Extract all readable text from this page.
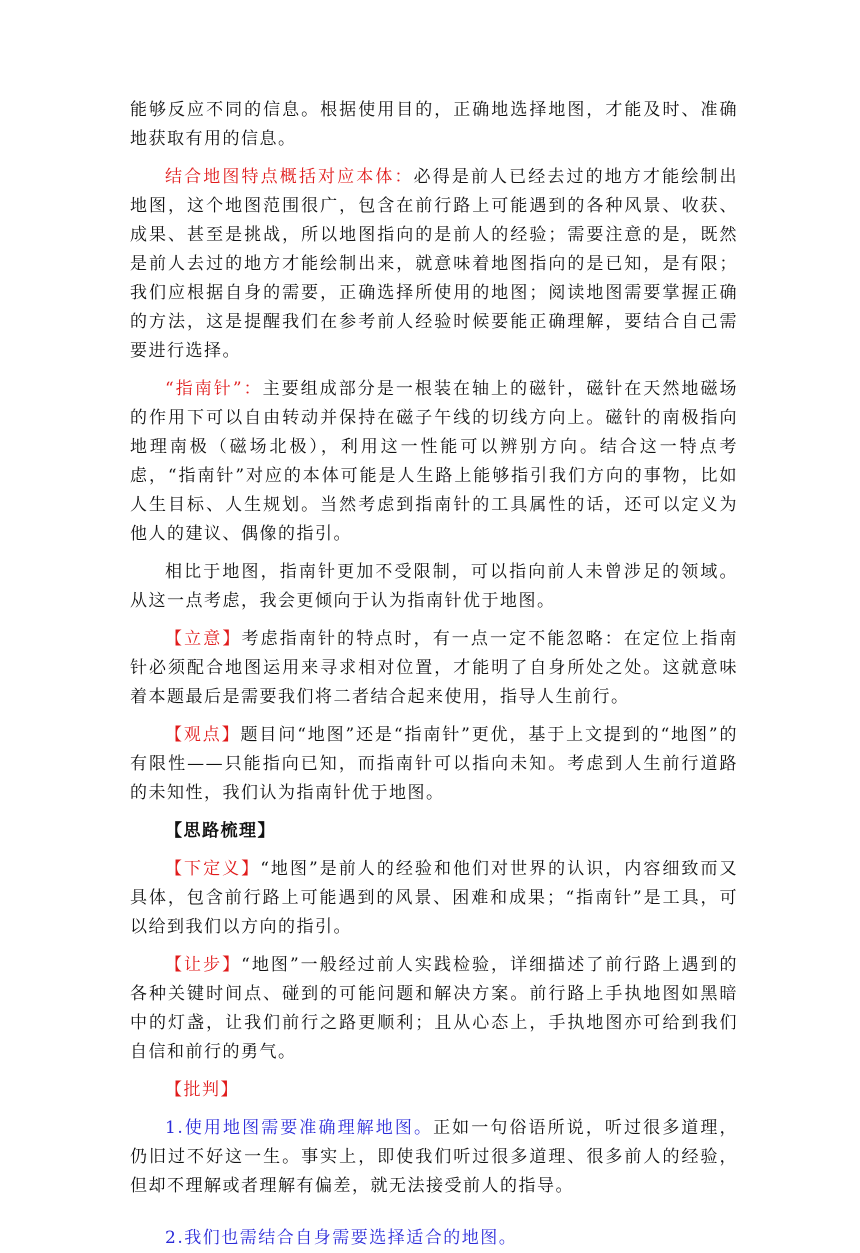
能够反应不同的信息。根据使用目的，正确地选择地图，才能及时、准确地获取有用的信息。

结合地图特点概括对应本体：必得是前人已经去过的地方才能绘制出地图，这个地图范围很广，包含在前行路上可能遇到的各种风景、收获、成果、甚至是挑战，所以地图指向的是前人的经验；需要注意的是，既然是前人去过的地方才能绘制出来，就意味着地图指向的是已知，是有限；我们应根据自身的需要，正确选择所使用的地图；阅读地图需要掌握正确的方法，这是提醒我们在参考前人经验时候要能正确理解，要结合自己需要进行选择。

“指南针”：主要组成部分是一根装在轴上的磁针，磁针在天然地磁场的作用下可以自由转动并保持在磁子午线的切线方向上。磁针的南极指向地理南极（磁场北极），利用这一性能可以辨别方向。结合这一特点考虑，“指南针”对应的本体可能是人生路上能够指引我们方向的事物，比如人生目标、人生规划。当然考虑到指南针的工具属性的话，还可以定义为他人的建议、偶像的指引。

相比于地图，指南针更加不受限制，可以指向前人未曾涉足的领域。从这一点考虑，我会更倾向于认为指南针优于地图。

【立意】考虑指南针的特点时，有一点一定不能忽略：在定位上指南针必须配合地图运用来寻求相对位置，才能明了自身所处之处。这就意味着本题最后是需要我们将二者结合起来使用，指导人生前行。

【观点】题目问“地图”还是“指南针”更优，基于上文提到的“地图”的有限性——只能指向已知，而指南针可以指向未知。考虑到人生前行道路的未知性，我们认为指南针优于地图。

【思路梳理】

【下定义】“地图”是前人的经验和他们对世界的认识，内容细致而又具体，包含前行路上可能遇到的风景、困难和成果；“指南针”是工具，可以给到我们以方向的指引。

【让步】“地图”一般经过前人实践检验，详细描述了前行路上遇到的各种关键时间点、碰到的可能问题和解决方案。前行路上手执地图如黑暗中的灯盏，让我们前行之路更顺利；且从心态上，手执地图亦可给到我们自信和前行的勇气。

【批判】

1.使用地图需要准确理解地图。正如一句俗语所说，听过很多道理，仍旧过不好这一生。事实上，即使我们听过很多道理、很多前人的经验，但却不理解或者理解有偏差，就无法接受前人的指导。

2.我们也需结合自身需要选择适合的地图。
